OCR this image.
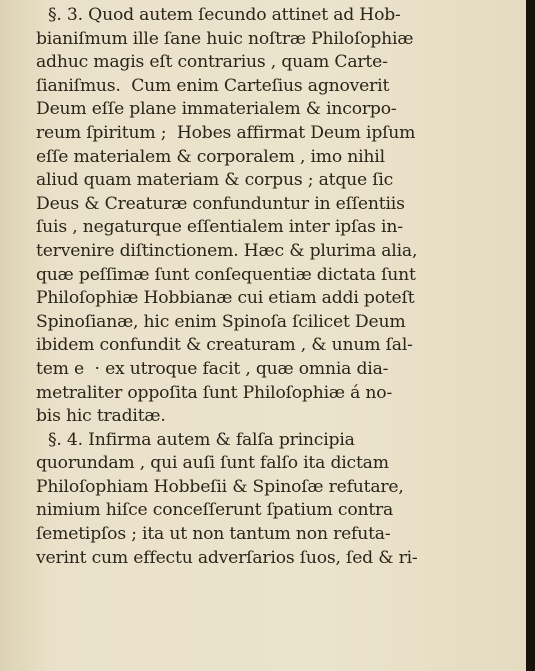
§. 3. Quod autem ſecundo attinet ad Hob-
bianiſmum ille ſane huic noſtræ Philoſophiæ
adhuc magis eſt contrarius , quam Carte-
ſianiſmus.  Cum enim Carteſius agnoverit
Deum eſſe plane immaterialem & incorpo-
reum ſpiritum ;  Hobes affirmat Deum ipſum
eſſe materialem & corporalem , imo nihil
aliud quam materiam & corpus ; atque ſic
Deus & Creaturæ confunduntur in eſſentiis
ſuis , negaturque eſſentialem inter ipſas in-
tervenire diſtinctionem. Hæc & plurima alia,
quæ peſſimæ ſunt conſequentiæ dictata ſunt
Philoſophiæ Hobbianæ cui etiam addi poteſt
Spinoſianæ, hic enim Spinoſa ſcilicet Deum
ibidem confundit & creaturam , & unum ſal-
tem e  · ex utroque facit , quæ omnia dia-
metraliter oppoſita ſunt Philoſophiæ á no-
bis hic traditæ.
§. 4. Infirma autem & falſa principia
quorundam , qui auſi ſunt falſo ita dictam
Philoſophiam Hobbeſii & Spinoſæ refutare,
nimium hiſce conceſſerunt ſpatium contra
ſemetipſos ; ita ut non tantum non refuta-
verint cum effectu adverſarios ſuos, ſed & ri-
